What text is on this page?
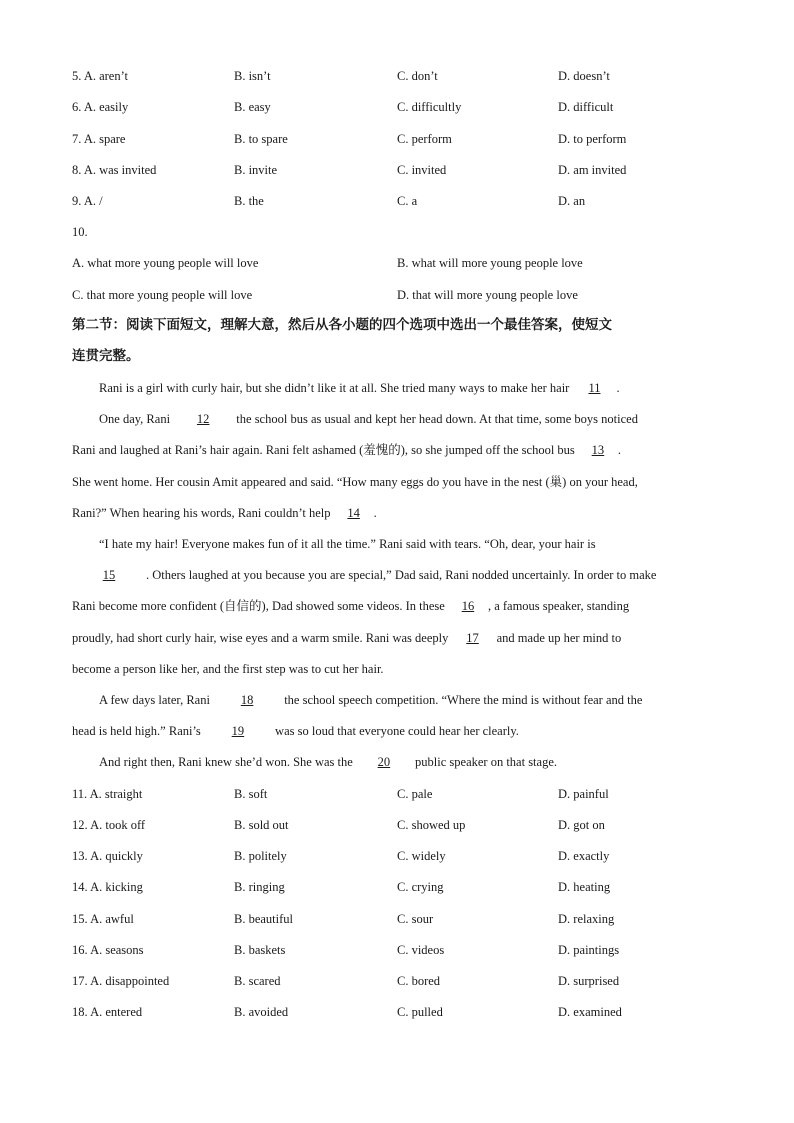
5. A. aren’t	B. isn’t	C. don’t	D. doesn’t
6. A. easily	B. easy	C. difficultly	D. difficult
7. A. spare	B. to spare	C. perform	D. to perform
8. A. was invited	B. invite	C. invited	D. am invited
9. A. /	B. the	C. a	D. an
10.
A. what more young people will love	B. what will more young people love
C. that more young people will love	D. that will more young people love
第二节：阅读下面短文，理解大意，然后从各小题的四个选项中选出一个最佳答案，使短文
连贯完整。
Rani is a girl with curly hair, but she didn’t like it at all. She tried many ways to make her hair 11 .
One day, Rani 12 the school bus as usual and kept her head down. At that time, some boys noticed
Rani and laughed at Rani’s hair again. Rani felt ashamed (羞愧的), so she jumped off the school bus 13 .
She went home. Her cousin Amit appeared and said. “How many eggs do you have in the nest (巢) on your head,
Rani?” When hearing his words, Rani couldn’t help 14 .
“I hate my hair! Everyone makes fun of it all the time.” Rani said with tears. “Oh, dear, your hair is
15 . Others laughed at you because you are special,” Dad said, Rani nodded uncertainly. In order to make
Rani become more confident (自信的), Dad showed some videos. In these 16 , a famous speaker, standing
proudly, had short curly hair, wise eyes and a warm smile. Rani was deeply 17 and made up her mind to
become a person like her, and the first step was to cut her hair.
A few days later, Rani 18 the school speech competition. “Where the mind is without fear and the
head is held high.” Rani’s 19 was so loud that everyone could hear her clearly.
And right then, Rani knew she’d won. She was the 20 public speaker on that stage.
11. A. straight	B. soft	C. pale	D. painful
12. A. took off	B. sold out	C. showed up	D. got on
13. A. quickly	B. politely	C. widely	D. exactly
14. A. kicking	B. ringing	C. crying	D. heating
15. A. awful	B. beautiful	C. sour	D. relaxing
16. A. seasons	B. baskets	C. videos	D. paintings
17. A. disappointed	B. scared	C. bored	D. surprised
18. A. entered	B. avoided	C. pulled	D. examined
